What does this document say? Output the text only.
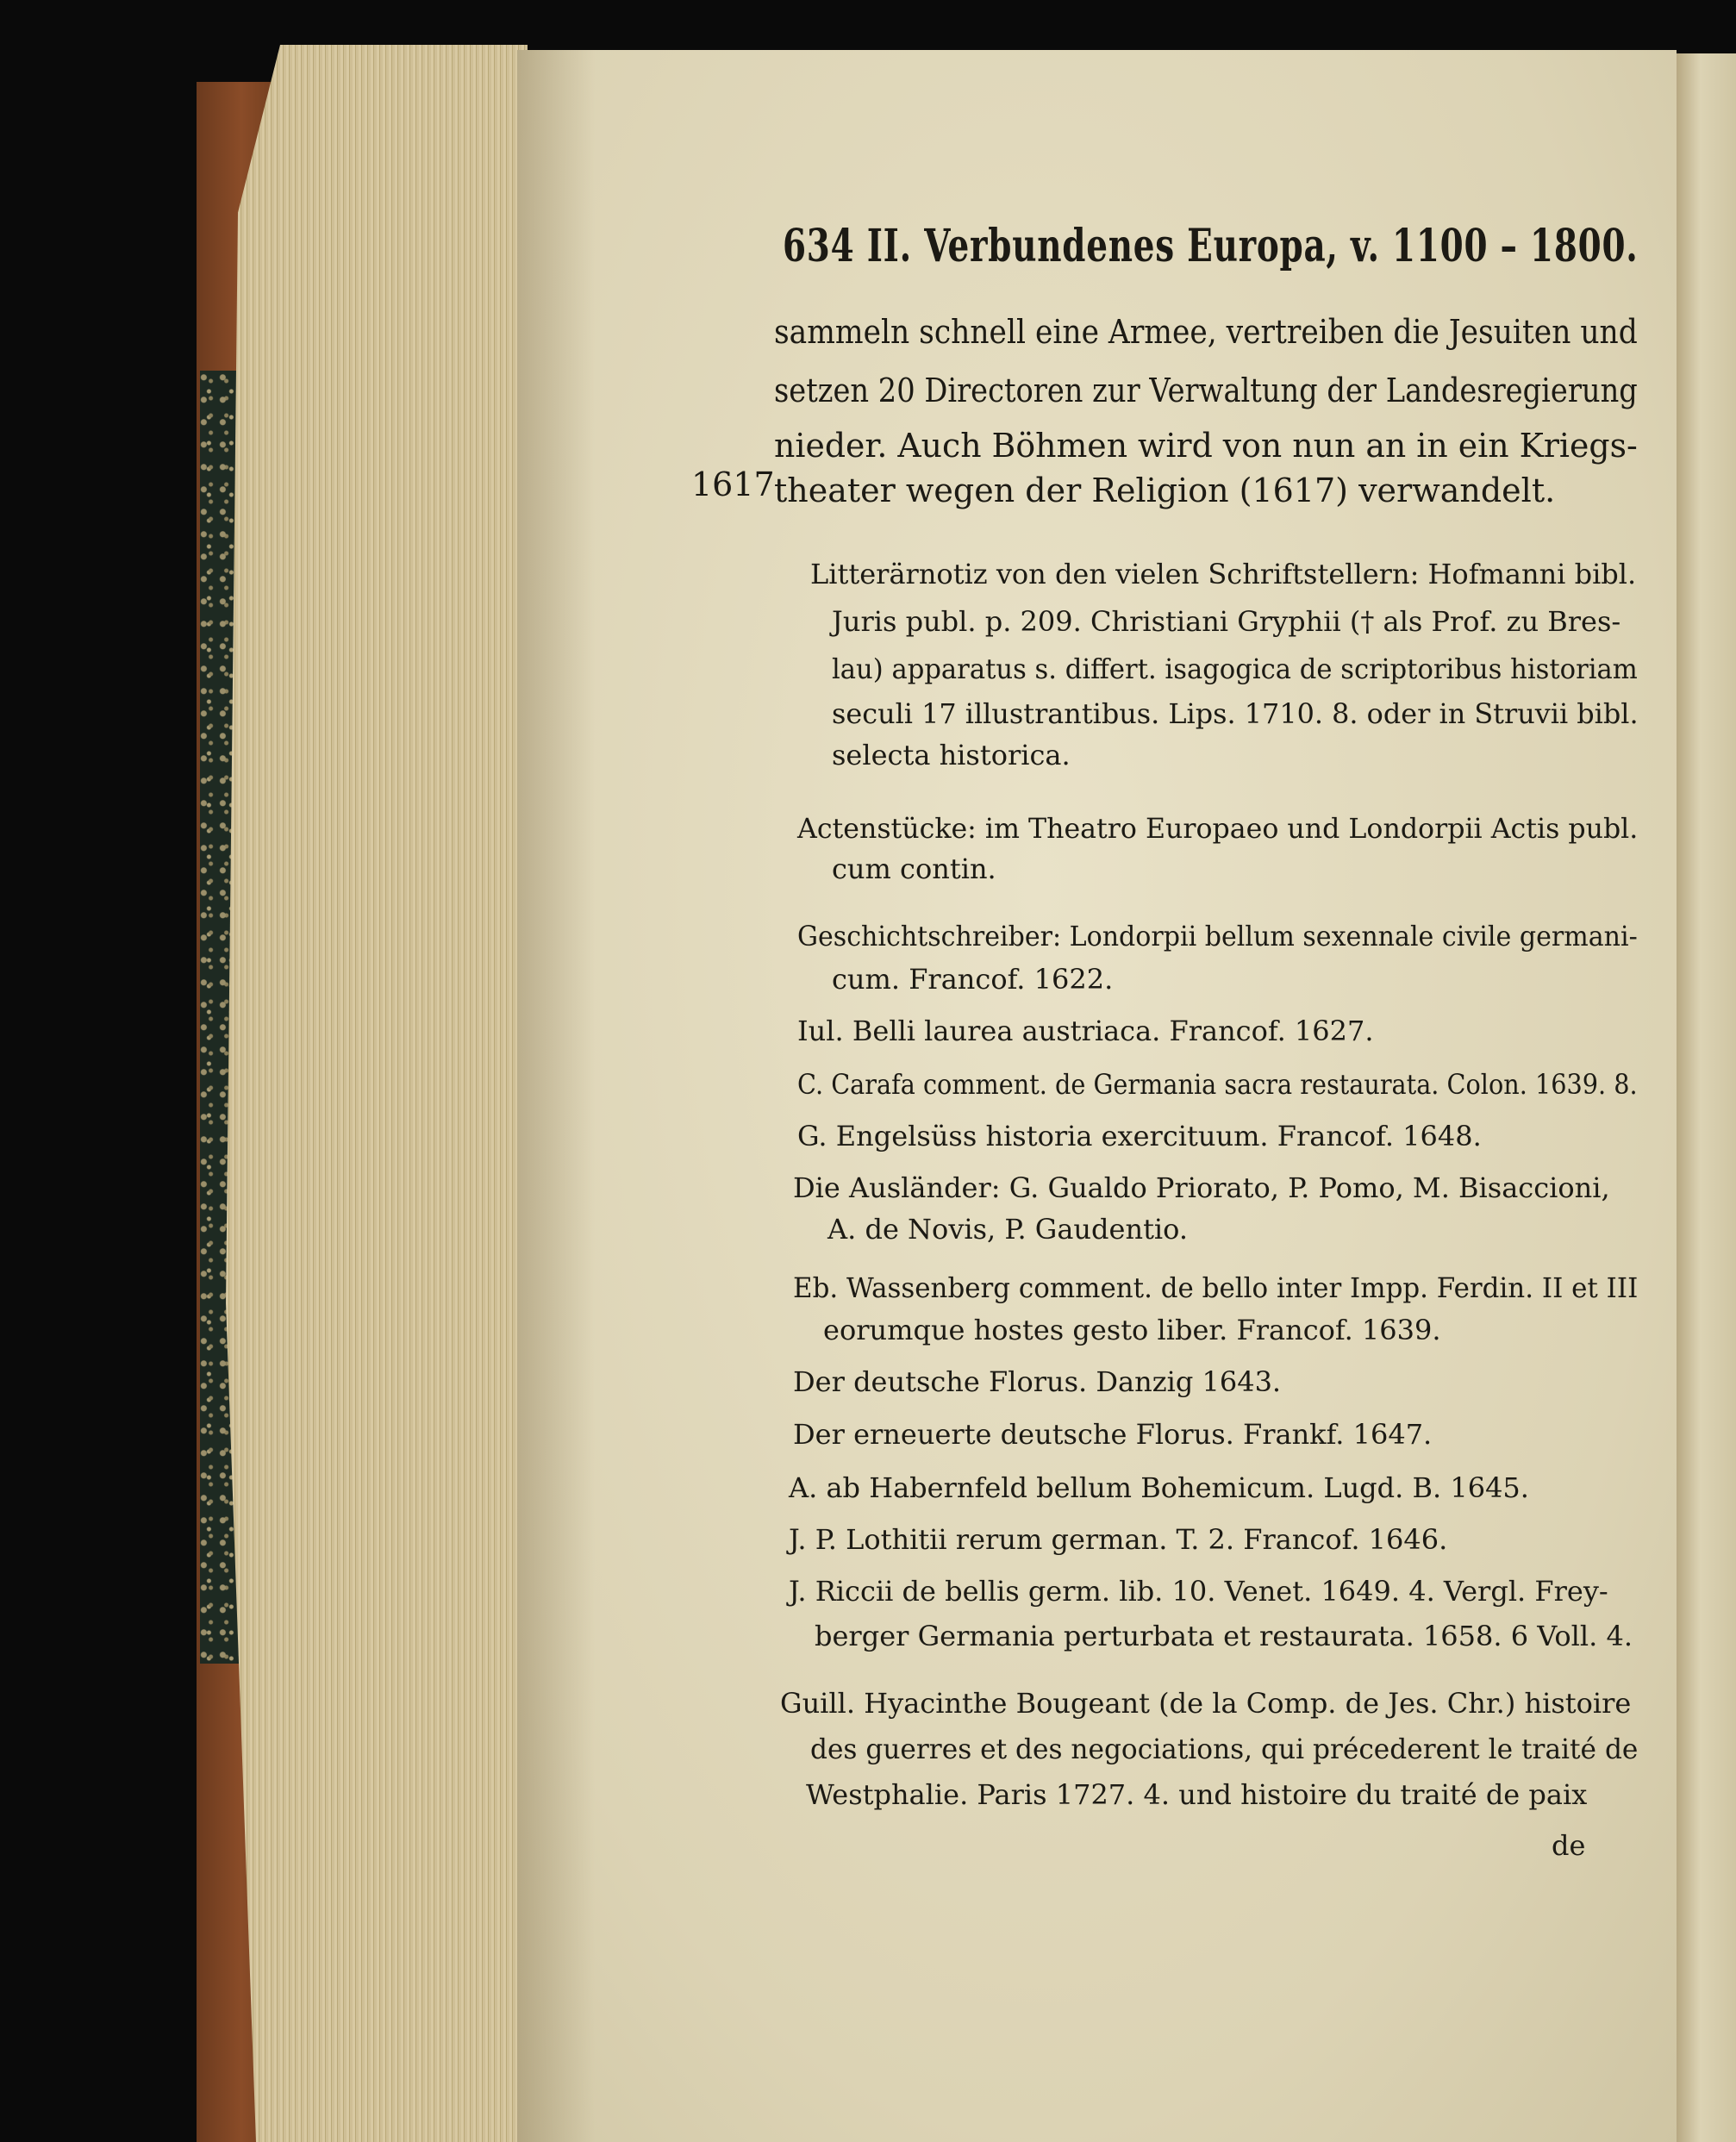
634 II. Verbundenes Europa, v. 1100 – 1800.
1617
sammeln schnell eine Armee, vertreiben die Jesuiten und
setzen 20 Directoren zur Verwaltung der Landesregierung
nieder. Auch Böhmen wird von nun an in ein Kriegs-
theater wegen der Religion (1617) verwandelt.
Litterärnotiz von den vielen Schriftstellern: Hofmanni bibl.
Juris publ. p. 209. Christiani Gryphii († als Prof. zu Bres-
lau) apparatus s. differt. isagogica de scriptoribus historiam
seculi 17 illustrantibus. Lips. 1710. 8. oder in Struvii bibl.
selecta historica.
Actenstücke: im Theatro Europaeo und Londorpii Actis publ.
cum contin.
Geschichtschreiber: Londorpii bellum sexennale civile germani-
cum. Francof. 1622.
Iul. Belli laurea austriaca. Francof. 1627.
C. Carafa comment. de Germania sacra restaurata. Colon. 1639. 8.
G. Engelsüss historia exercituum. Francof. 1648.
Die Ausländer: G. Gualdo Priorato, P. Pomo, M. Bisaccioni,
A. de Novis, P. Gaudentio.
Eb. Wassenberg comment. de bello inter Impp. Ferdin. II et III
eorumque hostes gesto liber. Francof. 1639.
Der deutsche Florus. Danzig 1643.
Der erneuerte deutsche Florus. Frankf. 1647.
A. ab Habernfeld bellum Bohemicum. Lugd. B. 1645.
J. P. Lothitii rerum german. T. 2. Francof. 1646.
J. Riccii de bellis germ. lib. 10. Venet. 1649. 4. Vergl. Frey-
berger Germania perturbata et restaurata. 1658. 6 Voll. 4.
Guill. Hyacinthe Bougeant (de la Comp. de Jes. Chr.) histoire
des guerres et des negociations, qui précederent le traité de
Westphalie. Paris 1727. 4. und histoire du traité de paix
de
